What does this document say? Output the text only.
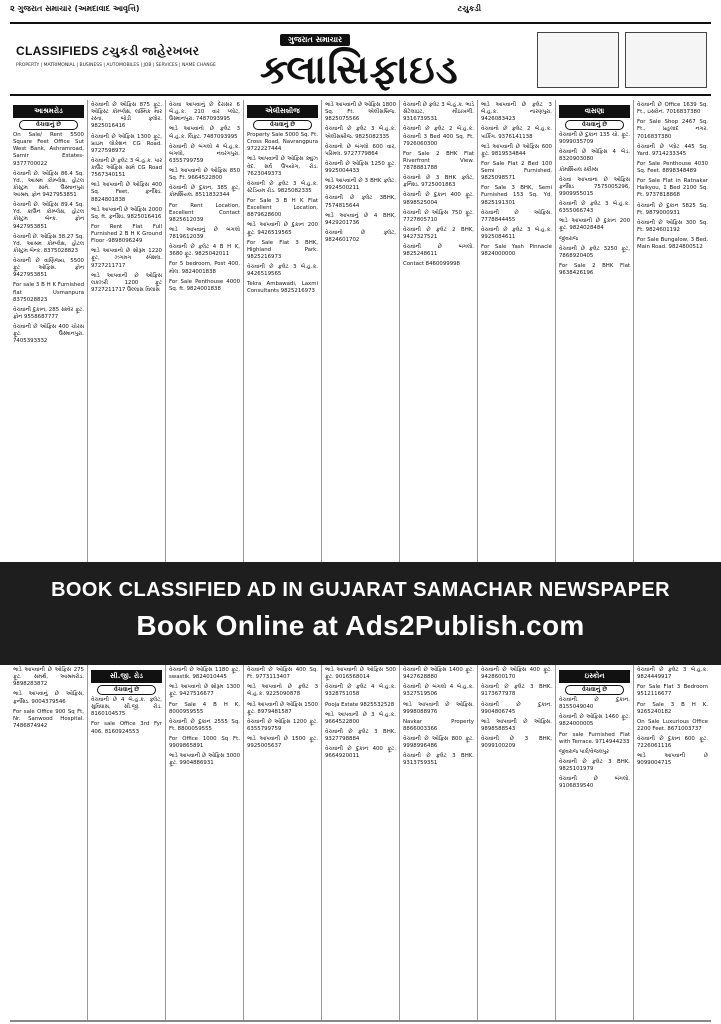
૨ ગુજરાત સમાચાર (અમદાવાદ આવૃત્તિ)	ટચુકડી
CLASSIFIEDS ટચુકડી જાહેરખબર
PROPERTY | MATRIMONIAL | BUSINESS | AUTOMOBILES | JOB | SERVICES | NAME CHANGE
ગુજરાત સમાચાર
ક્લાસિફાઇડ
આશ્રમરોડ
વેચવાનું છે

On Sale/ Rent 5500 Square Feet Office Sut West Bank, Ashramroad, Samir Estates- 9377700022

વેચવાની છે. ઓફિસ 86.4 Sq. Yd., આશ્રમ કોમ્પ્લેક્ષ, હોટલ કોસ્ટુમ સામે. ઉસ્માનપુરા આશ્રમ. ફોન 9427953851

વેચવાની છે. ઓફિસ 89.4 Sq. Yd. ક્રાઉન કોમ્પ્લેક્ષ, હોટલ કોસ્ટુમ બેન્ક. ફોન 9427953851

વેચવાની છે. ઓફિસ 38.27 Sq. Yd. આશ્રમ કોમ્પ્લેક્ષ, હોટલ કોસ્ટુમ બેન્ક. 8375028823

વેચવાની છે વાણિજ્ય, 5500 ફૂટ ઓફિસ. ફોન 9427953851

For sale 3 B H K Furnished flat Usmanpura 8375028823

વેચવાની દુકાન, 285 સ્ક્વેર ફૂટ. ફોન 9558687777

વેચવાની છે ઓફિસ 400 ચોરસ ફૂટ. ઉસ્માનપુરા. 7405393332

વેચવાની છે ઓફિસ 875 ફૂટ. ઓફિસ્ટ કોમ્પ્લેક્ષ, લક્ષ્મિક માર રસ્તા, બોડી ફ્લોર. 9825016416

વેચવાની છે ઓફિસ 1300 ફૂટ, પ્રાઇમ લોકેશન CG Road. 9727598972

વેચવાની છે ફ્લેટ 3 બે.હ.ક. પાર કાઉંટ ઓફિસ સામે CG Road 7567340151

ભાડે આપવાની છે ઓફિસ 400 Sq. Feet, ફર્નીશ્ડ. 8824801838

ભાડે આપવાની છે ઓફિસ 2000 Sq. ft. ફર્નીશ્ડ. 9825016416

For Rent Flat Full Furnished 2 B H K Ground Floor -9898096249

ભાડે આપવાનો છે શોરૂમ 1220 ફૂટ, ઝગમગ સ્પેશલ. 9727211717

ભાડે આપવાની છે ઓફિસ લક્ઝરી 1200 ફૂટ 9727211717 ઉલ્લાસ વિલાસ

વેચવા આપવાનું છે દેરાસર 6 બે.હ.ક. 210 વાર પ્લોટ, ઉસ્માનપુરા. 7487093995

ભાડે આપવાનો છે ફ્લેટ 3 બે.હ.ક. લિફ્ટ. 7487093995

વેચવાની છે બંગલો 4 બે.હ.ક. બંગલો, નવરંગપુરા. 6355799759

ભાડે આપવાનો છે ઓફિસ 850 Sq. Ft. 9664522800

વેચવાની છે દુકાન, 385 ફૂટ, કોમર્શિયલ. 8511832344

For Rent Location, Excellent Contact 9825612039

ભાડે આપવાનું છે બંગલો 7819612039

વેચવાની છે ફ્લેટ 4 B H K, 3680 ફૂટ. 9825042011

For 5 bedroom, Post 400, મોલ. 9824001838

For Sale Penthouse 4000 Sq. ft. 9824001838

એલીસબ્રીજ
વેચવાનું છે

Property Sale 5000 Sq. Ft. Cross Road, Navrangpura 9722227444

ભાડે આપવાની છે ઓફિસ ક્યુઝ વેદ. સર્વ ઉપયોગ, રોડ. 7623049373

વેચવાની છે ફ્લેટ 3 બે.હ.ક. સ્ટેડિયમ રોડ. 9825082335

For Sale 3 B H K Flat Excellent Location, 8879628600

ભાડે આપવાની છે દુકાન 200 ફૂટ. 9426519565

For Sale Flat 3 BHK, Highland Park. 9825216973

વેચવાની છે ફ્લેટ 3 બે.હ.ક. 9426519565

Tekra Ambawadi, Laxmi Consultants 9825216973

ભાડે આપવાની છે ઓફિસ 1800 Sq. Ft. એલીસબ્રિજ. 9825075566

વેચવાની છે ફ્લેટ 3 બે.હ.ક. એલીસબ્રીજ. 9825082335

વેચવાનો છે બંગલો 600 વાર, પરિમલ. 9727779864

વેચવાની છે ઓફિસ 1250 ફૂટ. 9925004433

ભાડે આપવાની છે 3 BHK ફ્લેટ. 9924500211

વેચવાની છે ફ્લેટ 3BHK, 7574815644

ભાડે આપવાનું છે 4 BHK, 9429201736

વેચવાનો છે ફ્લેટ, 9824601702

વેચવાની છે ફ્લેટ 3 બે.હ.ક. ભાડે સેટેલાઇટ, મીઠાખળી. 9316739531

વેચવાની છે ફ્લેટ 2 બે.હ.ક. વેચવાની 3 Bed 400 Sq. Ft. 7926060300

For Sale 2 BHK Flat Riverfront View. 7878881788

વેચવાનો છે 3 BHK ફ્લેટ, ફર્નિશ્ડ. 9725001863

વેચવાની છે દુકાન 400 ફૂટ. 9898525004

વેચવાની છે ઓફિસ 750 ફૂટ. 7727805710

વેચવાની છે ફ્લેટ 2 BHK, 9427327521

વેચવાની છે બંગલો. 9825248611

Contact 8460099998

ભાડે આપવાની છે ફ્લેટ 3 બે.હ.ક. નારણપુરા. 9426083423

વેચવાનો છે ફ્લેટ 2 બે.હ.ક. પાર્કિંગ. 9376141138

ભાડે આપવાની છે ઓફિસ 600 ફૂટ. 9819534844

For Sale Flat 2 Bed 100 Semi Furnished, 9825098571

For Sale 3 BHK, Semi Furnished 153 Sq. Yd. 9825191301

વેચવાની છે ઓફિસ. 7778844455

વેચવાની છે ફ્લેટ 3 બે.હ.ક. 9925084611

For Sale Yash Pinnacle 9824000000

વાસણા
વેચવાનું છે

વેચવાની છે દુકાન 135 ચો. ફૂટ. 9099035709

વેચવાની છે ઓફિસ 4 બેડ. 8320903080

કોમર્શિયલ સ્કીમ્સ

વેચવા આપવાના છે ઓફિસ ફર્નીશ્ડ 7575005296, 9909955015

વેચવાની છે ફ્લેટ 3 બે.હ.ક. 6355066743

ભાડે આપવાની છે દુકાન 200 ફૂટ. 9824028484

જીવરાજ

વેચવાની છે ફ્લેટ 3250 ફૂટ, 7868920405

For Sale 2 BHK Flat 9638426196

વેચવાની છે Office 1639 Sq. Ft., ઇસ્કોન. 7016837380

For Sale Shop 2467 Sq. Ft., પ્રહલાદ નગર. 7016837380

વેચવાની છે પ્લોટ 445 Sq. Yard. 9714233345

For Sale Penthouse 4030 Sq. Feet. 8898348489

For Sale Flat in Ratnakar Haikyou, 1 Bed 2100 Sq. Ft. 9737818868

વેચવાની છે દુકાન 5825 Sq. Ft. 9879000931

વેચવાની છે ઓફિસ 300 Sq. Ft. 9824601192

For Sale Bungalow, 3 Bed, Main Road. 9824800512

BOOK CLASSIFIED AD IN GUJARAT SAMACHAR NEWSPAPER
Book Online at Ads2Publish.com

ભાડે આપવાની છે ઓફિસ 275 ફૂટ. સમર્થ, આશ્રમરોડ. 9898283872

ભાડે આપવાનું છે ઓફિસ, ફર્નીશ્ડ. 9004379546

For sale Office 900 Sq Ft, Nr. Sanwood Hospital. 7486874942

સી.જી. રોડ
વેચવાનું છે

વેચવાની છે 4 બે.હ.ક. ફ્લેટ, સુવિધાસ, સી.જી. રોડ. 8160104575

For sale Office 3rd Fyr 406. 8160924553

વેચવાની છે ઓફિસ 1180 ફૂટ, swastik. 9824010445

ભાડે આપવાનો છે શોરૂમ 1300 ફૂટ. 9427516677

For Sale 4 B H K, 8000959555

વેચવાની છે દુકાન 2555 Sq. Ft. 8800059555

For Office 1000 Sq Ft. 9909865891

ભાડે આપવાની છે ઓફિસ 3000 ફૂટ. 9904886931

વેચવાની છે ઓફિસ 400 Sq. Ft. 9773113407

ભાડે આપવાનો છે ફ્લેટ 3 બે.હ.ક. 9225090878

ભાડે આપવાની છે ઓફિસ 1500 ફૂટ. 8979481587

વેચવાની છે ઓફિસ 1200 ફૂટ. 6355799759

ભાડે આપવાની છે 1500 ફૂટ. 9925005637

ભાડે આપવાની છે ઓફિસ 500 ફૂટ. 9016568014

વેચવાની છે ફ્લેટ 4 બે.હ.ક. 9328751058

Pooja Estate 9825532528

ભાડે આપવાની છે 3 બે.હ.ક. 9664522800

વેચવાની છે ફ્લેટ 3 BHK, 9327798884

વેચવાની છે દુકાન 400 ફૂટ. 9664920011

વેચવાની છે ઓફિસ 1400 ફૂટ. 9427628880

વેચવાની છે બંગલો 4 બે.હ.ક. 9327519506

ભાડે આપવાની છે ઓફિસ. 9998088976

Navkar Property 8866003366

વેચવાની છે ઓફિસ 800 ફૂટ. 9998996486

વેચવાની છે ફ્લેટ 3 BHK. 9313759351

વેચવાની છે ઓફિસ 400 ફૂટ. 9428600170

વેચવાની છે ફ્લેટ 3 BHK. 9173677978

વેચવાની છે દુકાન. 9904806745

ભાડે આપવાની છે ઓફિસ. 9898588543

વેચવાની છે 3 BHK, 9099100209

ઇસ્કોન
વેચવાનું છે

વેચવાની છે દુકાન. 8155049040

વેચવાની છે ઓફિસ 1460 ફૂટ. 9824000005

For sale Furnished Flat with Terrace. 9714944233

જીવરાજ પાર્ક/વેજલપુર

વેચવાની છે ફ્લેટ 3 BHK. 9825101979

વેચવાની છે બંગલો. 9106839540

વેચવાની છે ફ્લેટ 3 બે.હ.ક. 9824449917

For Sale Flat 3 Bedroom 9512116677

For Sale 3 B H K. 9265240182

On Sale Luxurious Office 2200 Feet. 8671003737

વેચવાની છે દુકાન 600 ફૂટ. 7226061116

ભાડે આપવાની છે 9099004715
